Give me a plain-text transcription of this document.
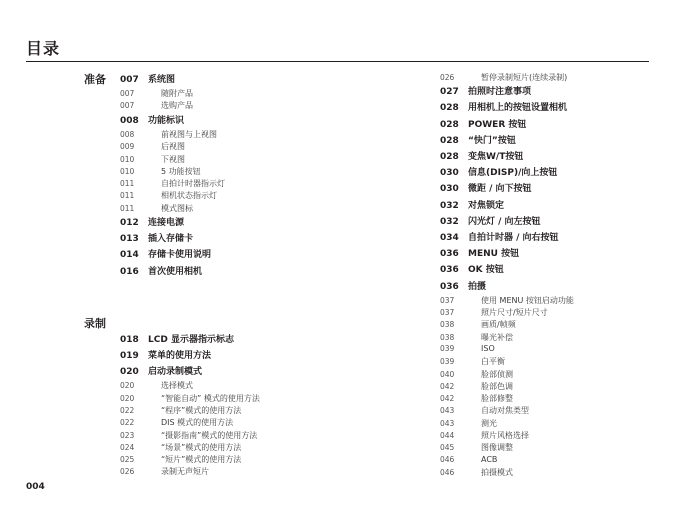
目录
准备
录制
007	系统图
007	随附产品
007	选购产品
008	功能标识
008	前视图与上视图
009	后视图
010	下视图
010	5 功能按钮
011	自拍计时器指示灯
011	相机状态指示灯
011	模式图标
012	连接电源
013	插入存储卡
014	存储卡使用说明
016	首次使用相机
018	LCD 显示器指示标志
019	菜单的使用方法
020	启动录制模式
020	选择模式
020	“智能自动” 模式的使用方法
022	“程序”模式的使用方法
022	DIS 模式的使用方法
023	“摄影指南”模式的使用方法
024	“场景”模式的使用方法
025	“短片”模式的使用方法
026	录制无声短片
026	暂停录制短片(连续录制)
027	拍照时注意事项
028	用相机上的按钮设置相机
028	POWER 按钮
028	“快门”按钮
028	变焦W/T按钮
030	信息(DISP)/向上按钮
030	微距 / 向下按钮
032	对焦锁定
032	闪光灯 / 向左按钮
034	自拍计时器 / 向右按钮
036	MENU 按钮
036	OK 按钮
036	拍摄
037	使用 MENU 按钮启动功能
037	照片尺寸/短片尺寸
038	画质/帧频
038	曝光补偿
039	ISO
039	白平衡
040	脸部侦测
042	脸部色调
042	脸部修整
043	自动对焦类型
043	测光
044	照片风格选择
045	图像调整
046	ACB
046	拍摄模式
004
